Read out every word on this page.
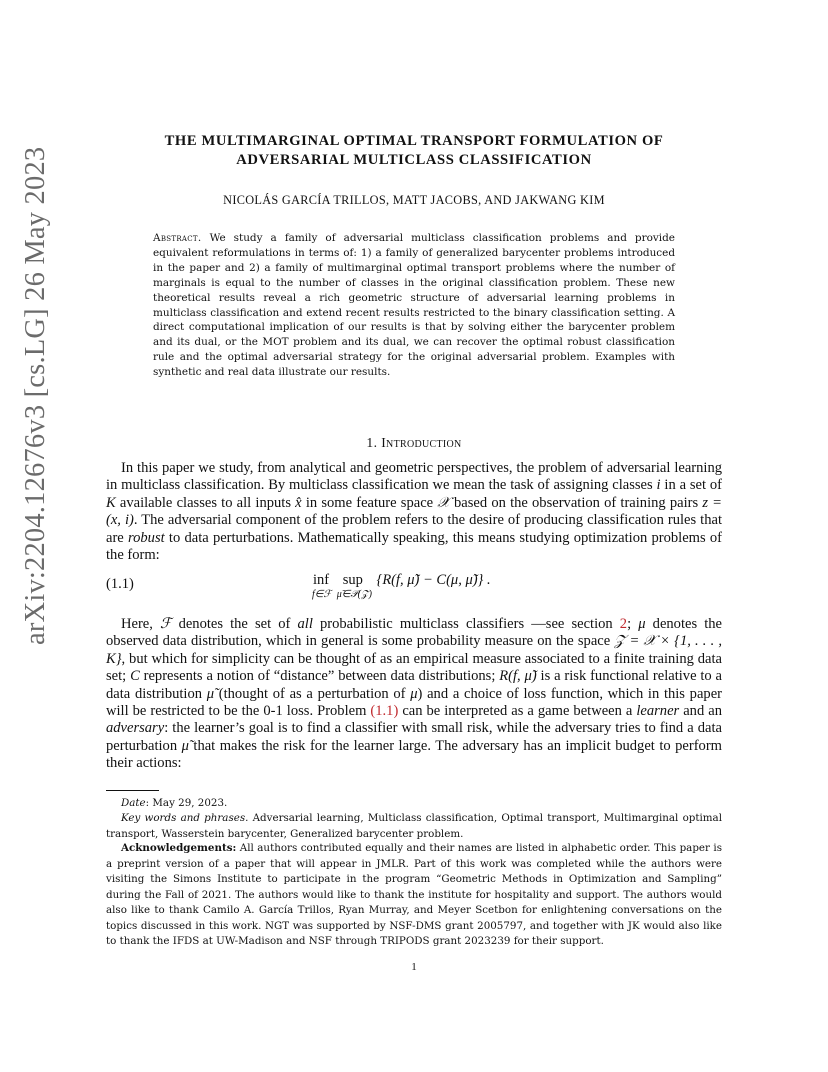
arXiv:2204.12676v3 [cs.LG] 26 May 2023
THE MULTIMARGINAL OPTIMAL TRANSPORT FORMULATION OF
ADVERSARIAL MULTICLASS CLASSIFICATION
NICOLÁS GARCÍA TRILLOS, MATT JACOBS, AND JAKWANG KIM
Abstract. We study a family of adversarial multiclass classification problems and provide equivalent reformulations in terms of: 1) a family of generalized barycenter problems introduced in the paper and 2) a family of multimarginal optimal transport problems where the number of marginals is equal to the number of classes in the original classification problem. These new theoretical results reveal a rich geometric structure of adversarial learning problems in multiclass classification and extend recent results restricted to the binary classification setting. A direct computational implication of our results is that by solving either the barycenter problem and its dual, or the MOT problem and its dual, we can recover the optimal robust classification rule and the optimal adversarial strategy for the original adversarial problem. Examples with synthetic and real data illustrate our results.
1. Introduction
In this paper we study, from analytical and geometric perspectives, the problem of adversarial learning in multiclass classification. By multiclass classification we mean the task of assigning classes i in a set of K available classes to all inputs x̂ in some feature space 𝒳 based on the observation of training pairs z = (x, i). The adversarial component of the problem refers to the desire of producing classification rules that are robust to data perturbations. Mathematically speaking, this means studying optimization problems of the form:
(1.1)	inf
f∈ℱ
sup
μ̃∈𝒫(𝒵)
{R(f, μ̃) − C(μ, μ̃)} .
Here, ℱ denotes the set of all probabilistic multiclass classifiers —see section 2; μ denotes the observed data distribution, which in general is some probability measure on the space 𝒵 = 𝒳 × {1, . . . , K}, but which for simplicity can be thought of as an empirical measure associated to a finite training data set; C represents a notion of “distance” between data distributions; R(f, μ̃) is a risk functional relative to a data distribution μ̃ (thought of as a perturbation of μ) and a choice of loss function, which in this paper will be restricted to be the 0-1 loss. Problem (1.1) can be interpreted as a game between a learner and an adversary: the learner’s goal is to find a classifier with small risk, while the adversary tries to find a data perturbation μ̃ that makes the risk for the learner large. The adversary has an implicit budget to perform their actions:
Date: May 29, 2023.
Key words and phrases. Adversarial learning, Multiclass classification, Optimal transport, Multimarginal optimal transport, Wasserstein barycenter, Generalized barycenter problem.
Acknowledgements: All authors contributed equally and their names are listed in alphabetic order. This paper is a preprint version of a paper that will appear in JMLR. Part of this work was completed while the authors were visiting the Simons Institute to participate in the program “Geometric Methods in Optimization and Sampling” during the Fall of 2021. The authors would like to thank the institute for hospitality and support. The authors would also like to thank Camilo A. García Trillos, Ryan Murray, and Meyer Scetbon for enlightening conversations on the topics discussed in this work. NGT was supported by NSF-DMS grant 2005797, and together with JK would also like to thank the IFDS at UW-Madison and NSF through TRIPODS grant 2023239 for their support.
1
